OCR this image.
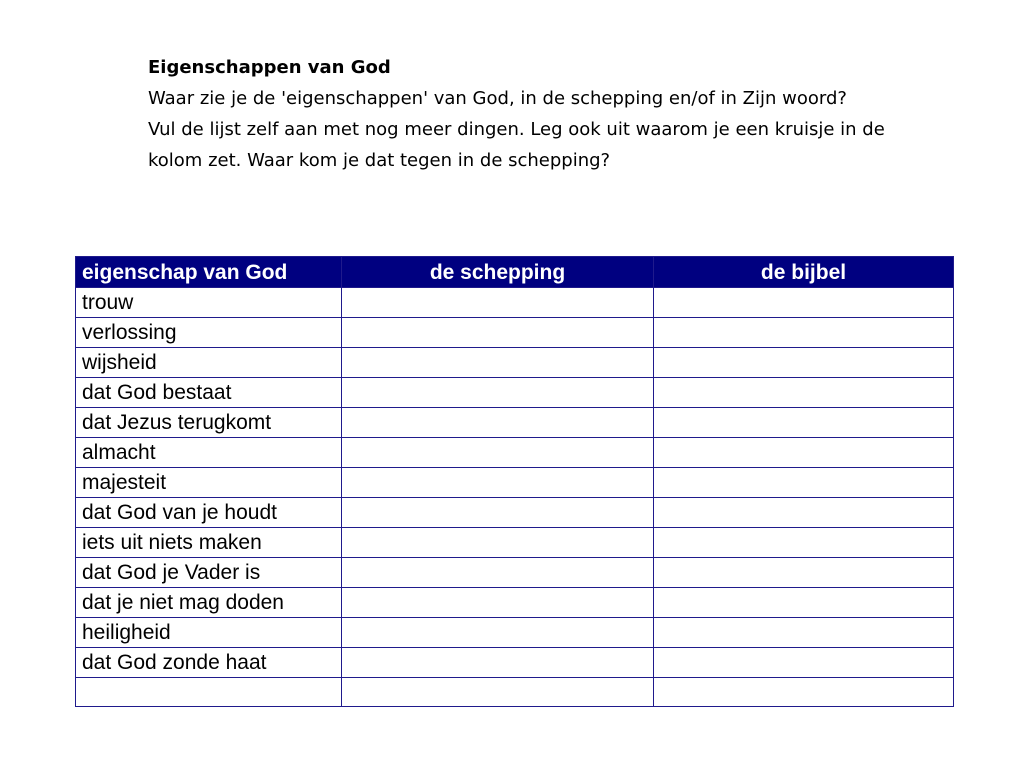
Eigenschappen van God

Waar zie je de 'eigenschappen' van God, in de schepping en/of in Zijn woord?

Vul de lijst zelf aan met nog meer dingen. Leg ook uit waarom je een kruisje in de kolom zet. Waar kom je dat tegen in de schepping?

eigenschap van God	de schepping	de bijbel
trouw		
verlossing		
wijsheid		
dat God bestaat		
dat Jezus terugkomt		
almacht		
majesteit		
dat God van je houdt		
iets uit niets maken		
dat God je Vader is		
dat je niet mag doden		
heiligheid		
dat God zonde haat		
